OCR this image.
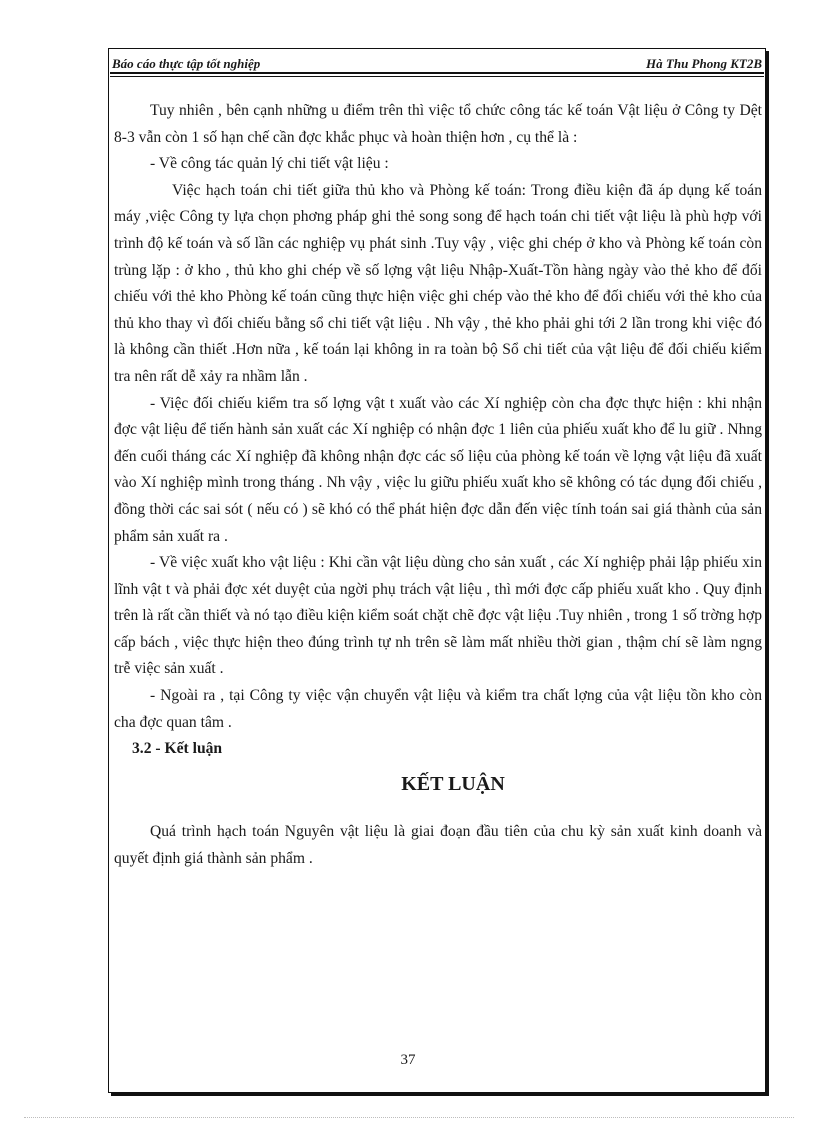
Báo cáo thực tập tốt nghiệp	Hà Thu Phong KT2B

Tuy nhiên , bên cạnh những u điểm trên thì việc tổ chức công tác kế toán Vật liệu ở Công ty Dệt 8-3 vẫn còn 1 số hạn chế cần đợc khắc phục và hoàn thiện hơn , cụ thể là :

- Về công tác quản lý chi tiết vật liệu :

Việc hạch toán chi tiết giữa thủ kho và Phòng kế toán: Trong điều kiện đã áp dụng kế toán máy ,việc Công ty lựa chọn phơng pháp ghi thẻ song song để hạch toán chi tiết vật liệu là phù hợp với trình độ kế toán và số lần các nghiệp vụ phát sinh .Tuy vậy , việc ghi chép ở kho và Phòng kế toán còn trùng lặp : ở kho , thủ kho ghi chép về số lợng vật liệu Nhập-Xuất-Tồn hàng ngày vào thẻ kho để đối chiếu với thẻ kho Phòng kế toán cũng thực hiện việc ghi chép vào thẻ kho để đối chiếu với thẻ kho của thủ kho thay vì đối chiếu bằng sổ chi tiết vật liệu . Nh vậy , thẻ kho phải ghi tới 2 lần trong khi việc đó là không cần thiết .Hơn nữa , kế toán lại không in ra toàn bộ Sổ chi tiết của vật liệu để đối chiếu kiểm tra nên rất dễ xảy ra nhầm lẫn .

- Việc đối chiếu kiểm tra số lợng vật t xuất vào các Xí nghiệp còn cha đợc thực hiện : khi nhận đợc vật liệu để tiến hành sản xuất các Xí nghiệp có nhận đợc 1 liên của phiếu xuất kho để lu giữ . Nhng đến cuối tháng các Xí nghiệp đã không nhận đợc các số liệu của phòng kế toán về lợng vật liệu đã xuất vào Xí nghiệp mình trong tháng . Nh vậy , việc lu giữu phiếu xuất kho sẽ không có tác dụng đối chiếu , đồng thời các sai sót ( nếu có ) sẽ khó có thể phát hiện đợc dẫn đến việc tính toán sai giá thành của sản phẩm sản xuất ra .

- Về việc xuất kho vật liệu : Khi cần vật liệu dùng cho sản xuất , các Xí nghiệp phải lập phiếu xin lĩnh vật t và phải đợc xét duyệt của ngời phụ trách vật liệu , thì mới đợc cấp phiếu xuất kho . Quy định trên là rất cần thiết và nó tạo điều kiện kiểm soát chặt chẽ đợc vật liệu .Tuy nhiên , trong 1 số trờng hợp cấp bách , việc thực hiện theo đúng trình tự nh trên sẽ làm mất nhiều thời gian , thậm chí sẽ làm ngng trễ việc sản xuất .

- Ngoài ra , tại Công ty việc vận chuyển vật liệu và kiểm tra chất lợng của vật liệu tồn kho còn cha đợc quan tâm .

3.2 - Kết luận

KẾT LUẬN

Quá trình hạch toán Nguyên vật liệu là giai đoạn đầu tiên của chu kỳ sản xuất kinh doanh và quyết định giá thành sản phẩm .

37
